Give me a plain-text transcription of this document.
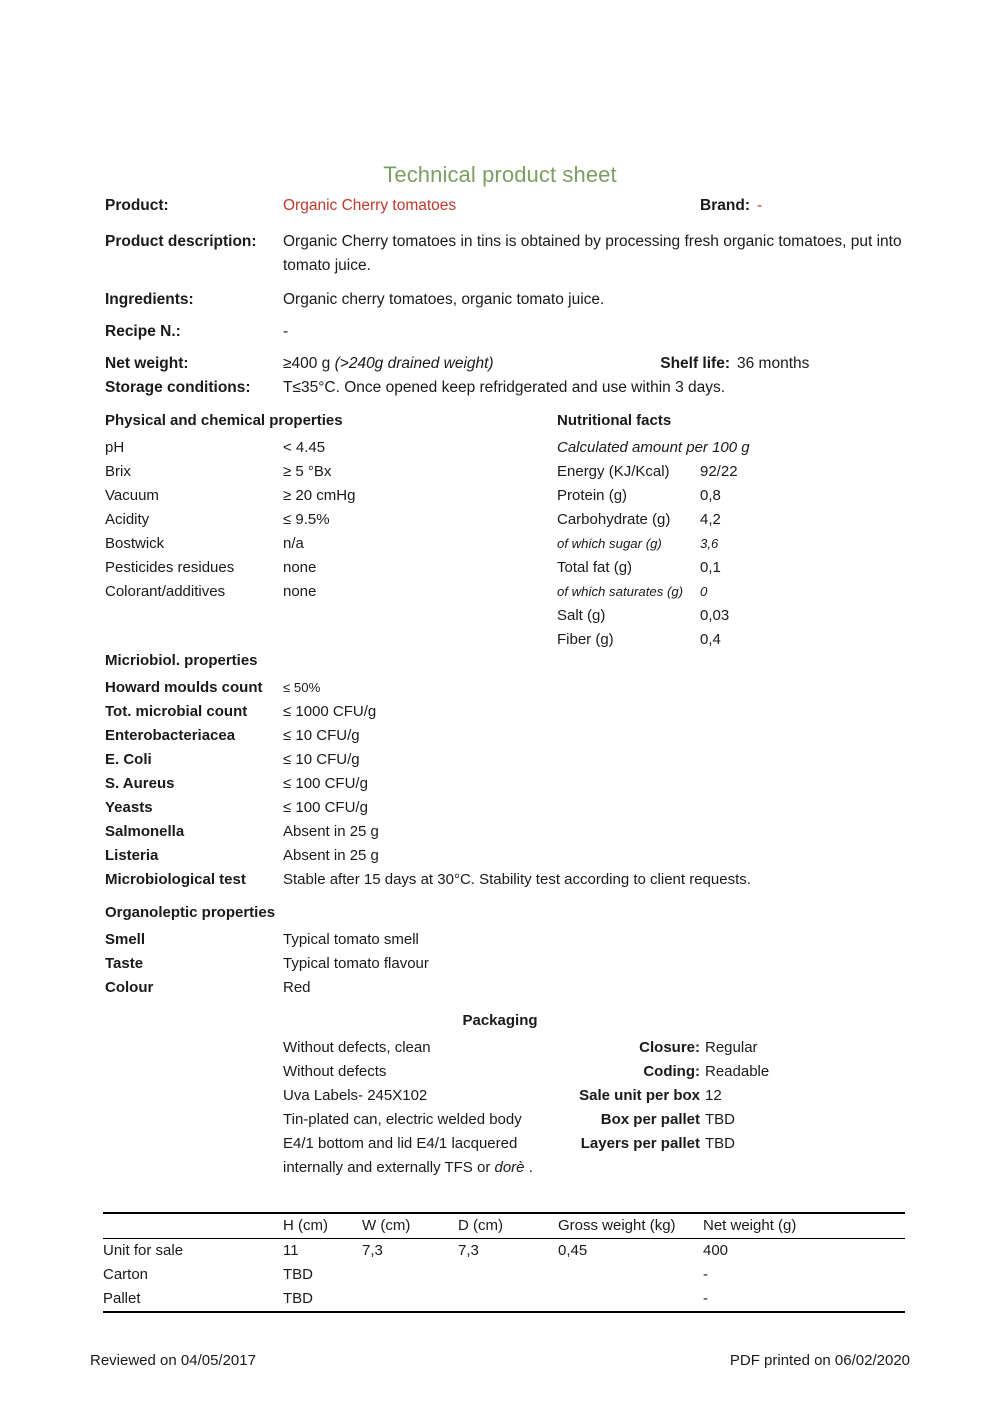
Technical product sheet
Product:	Organic Cherry tomatoes	Brand: -
Product description: Organic Cherry tomatoes in tins is obtained by processing fresh organic tomatoes, put into tomato juice.
Ingredients:	Organic cherry tomatoes, organic tomato juice.
Recipe N.:	-
Net weight:	≥400 g (>240g drained weight)	Shelf life: 36 months
Storage conditions: T≤35°C. Once opened keep refridgerated and use within 3 days.
Physical and chemical properties
pH	< 4.45
Brix	≥ 5 °Bx
Vacuum	≥ 20 cmHg
Acidity	≤ 9.5%
Bostwick	n/a
Pesticides residues	none
Colorant/additives	none
Nutritional facts
Calculated amount per 100 g
Energy (KJ/Kcal) 92/22
Protein (g)	0,8
Carbohydrate (g) 4,2
of which sugar (g)	3,6
Total fat (g)	0,1
of which saturates (g) 0
Salt (g)	0,03
Fiber (g)	0,4
Micriobiol. properties
Howard moulds count ≤ 50%
Tot. microbial count ≤ 1000 CFU/g
Enterobacteriacea	≤ 10 CFU/g
E. Coli	≤ 10 CFU/g
S. Aureus	≤ 100 CFU/g
Yeasts	≤ 100 CFU/g
Salmonella	Absent in 25 g
Listeria	Absent in 25 g
Microbiological test Stable after 15 days at 30°C. Stability test according to client requests.
Organoleptic properties
Smell	Typical tomato smell
Taste	Typical tomato flavour
Colour	Red
Packaging
Without defects, clean
Without defects
Uva Labels- 245X102
Tin-plated can, electric welded body
E4/1 bottom and lid E4/1 lacquered
internally and externally TFS or dorè .
Closure: Regular
Coding: Readable
Sale unit per box 12
Box per pallet TBD
Layers per pallet TBD
	H (cm)	W (cm)	D (cm)	Gross weight (kg)	Net weight (g)
Unit for sale	11	7,3	7,3	0,45	400
Carton	TBD				-
Pallet	TBD				-
Reviewed on 04/05/2017	PDF printed on 06/02/2020
